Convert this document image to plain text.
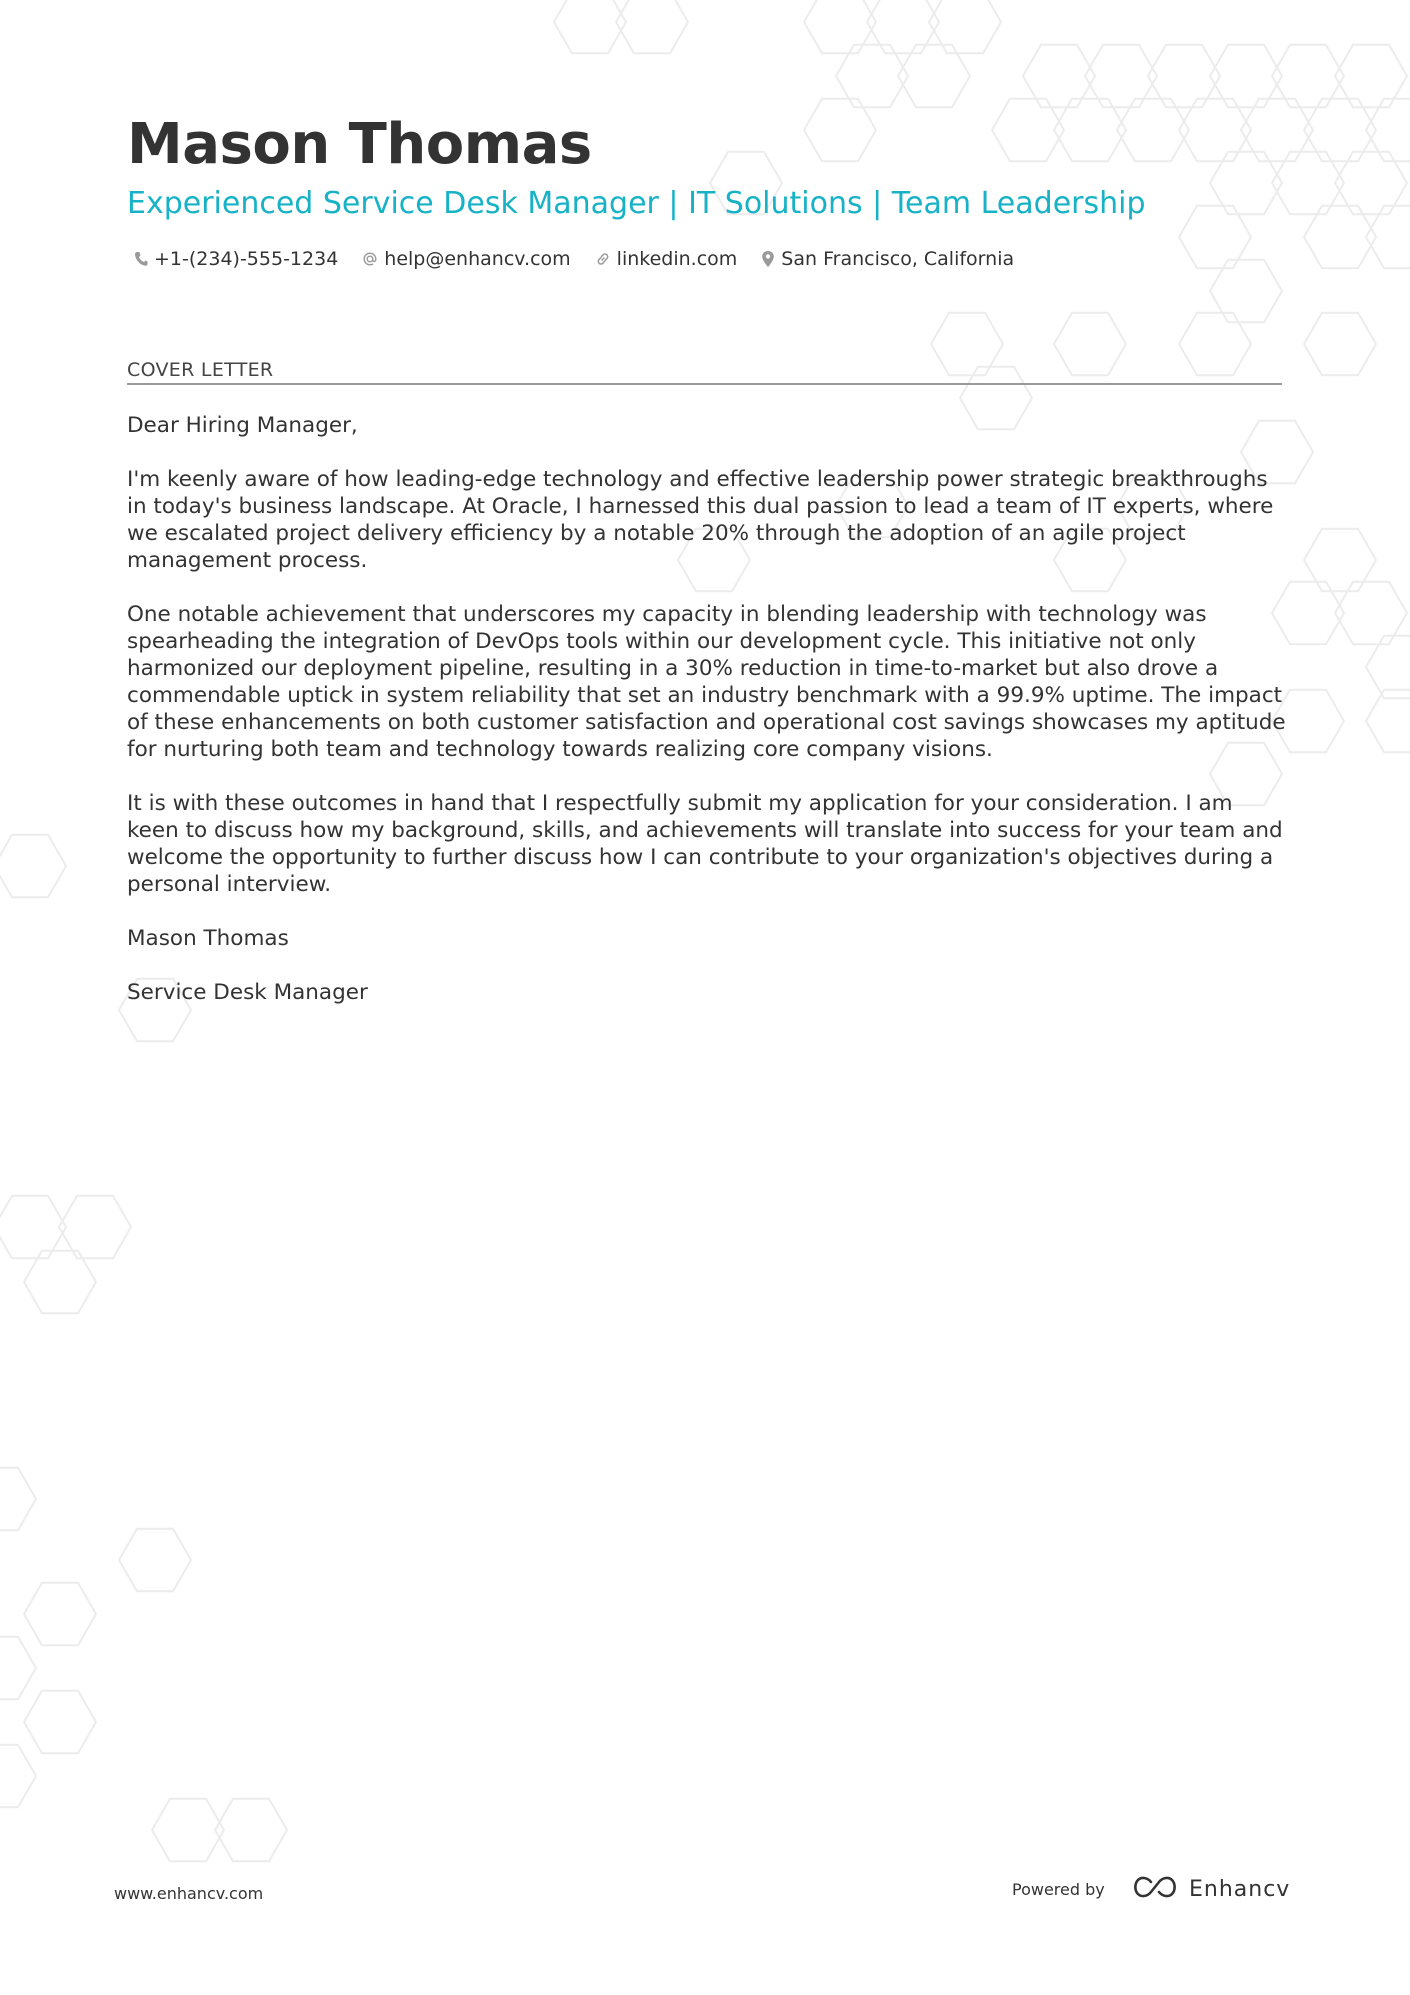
Mason Thomas
Experienced Service Desk Manager | IT Solutions | Team Leadership
+1-(234)-555-1234 help@enhancv.com linkedin.com San Francisco, California
COVER LETTER

Dear Hiring Manager,

I'm keenly aware of how leading-edge technology and effective leadership power strategic breakthroughs in today's business landscape. At Oracle, I harnessed this dual passion to lead a team of IT experts, where we escalated project delivery efficiency by a notable 20% through the adoption of an agile project management process.

One notable achievement that underscores my capacity in blending leadership with technology was spearheading the integration of DevOps tools within our development cycle. This initiative not only harmonized our deployment pipeline, resulting in a 30% reduction in time-to-market but also drove a commendable uptick in system reliability that set an industry benchmark with a 99.9% uptime. The impact of these enhancements on both customer satisfaction and operational cost savings showcases my aptitude for nurturing both team and technology towards realizing core company visions.

It is with these outcomes in hand that I respectfully submit my application for your consideration. I am keen to discuss how my background, skills, and achievements will translate into success for your team and welcome the opportunity to further discuss how I can contribute to your organization's objectives during a personal interview.

Mason Thomas

Service Desk Manager

www.enhancv.com	Powered by	Enhancv
